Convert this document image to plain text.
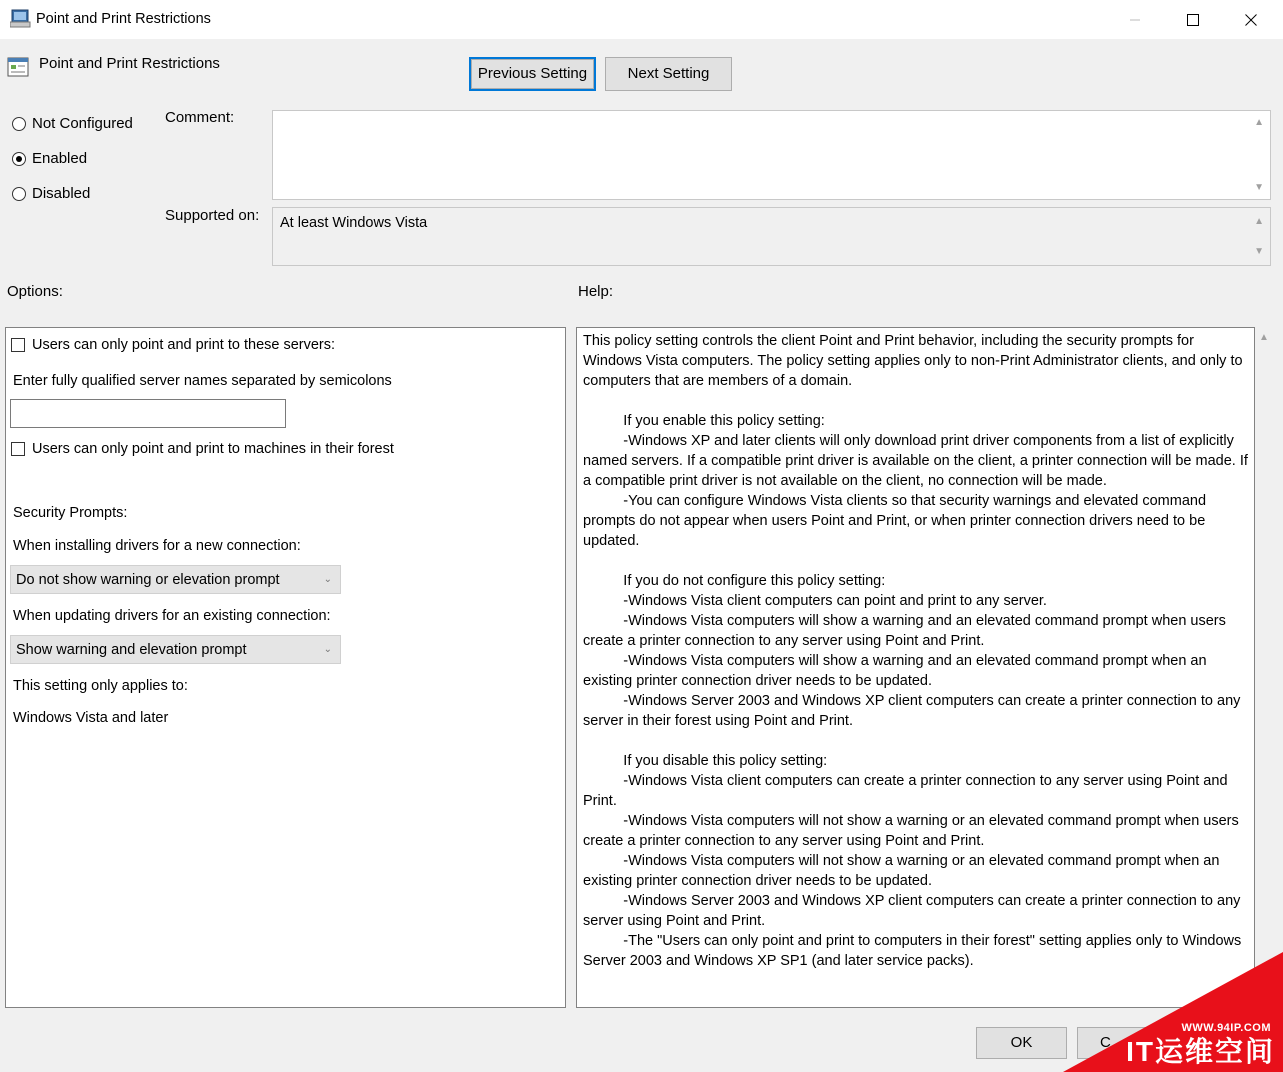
Point and Print Restrictions
Point and Print Restrictions
Previous Setting	Next Setting
Not Configured
Enabled
Disabled
Comment:	▲
▼
Supported on:	At least Windows Vista	▲
▼
Options:	Help:
Users can only point and print to these servers:
Enter fully qualified server names separated by semicolons
Users can only point and print to machines in their forest
Security Prompts:
When installing drivers for a new connection:
Do not show warning or elevation prompt	⌄
When updating drivers for an existing connection:
Show warning and elevation prompt	⌄
This setting only applies to:
Windows Vista and later
This policy setting controls the client Point and Print behavior, including the security prompts for Windows Vista computers. The policy setting applies only to non-Print Administrator clients, and only to computers that are members of a domain.

If you enable this policy setting:
-Windows XP and later clients will only download print driver components from a list of explicitly named servers. If a compatible print driver is available on the client, a printer connection will be made. If a compatible print driver is not available on the client, no connection will be made.
-You can configure Windows Vista clients so that security warnings and elevated command prompts do not appear when users Point and Print, or when printer connection drivers need to be updated.

If you do not configure this policy setting:
-Windows Vista client computers can point and print to any server.
-Windows Vista computers will show a warning and an elevated command prompt when users create a printer connection to any server using Point and Print.
-Windows Vista computers will show a warning and an elevated command prompt when an existing printer connection driver needs to be updated.
-Windows Server 2003 and Windows XP client computers can create a printer connection to any server in their forest using Point and Print.

If you disable this policy setting:
-Windows Vista client computers can create a printer connection to any server using Point and Print.
-Windows Vista computers will not show a warning or an elevated command prompt when users create a printer connection to any server using Point and Print.
-Windows Vista computers will not show a warning or an elevated command prompt when an existing printer connection driver needs to be updated.
-Windows Server 2003 and Windows XP client computers can create a printer connection to any server using Point and Print.
-The "Users can only point and print to computers in their forest" setting applies only to Windows Server 2003 and Windows XP SP1 (and later service packs).
▲
OK	C
WWW.94IP.COM
IT运维空间
